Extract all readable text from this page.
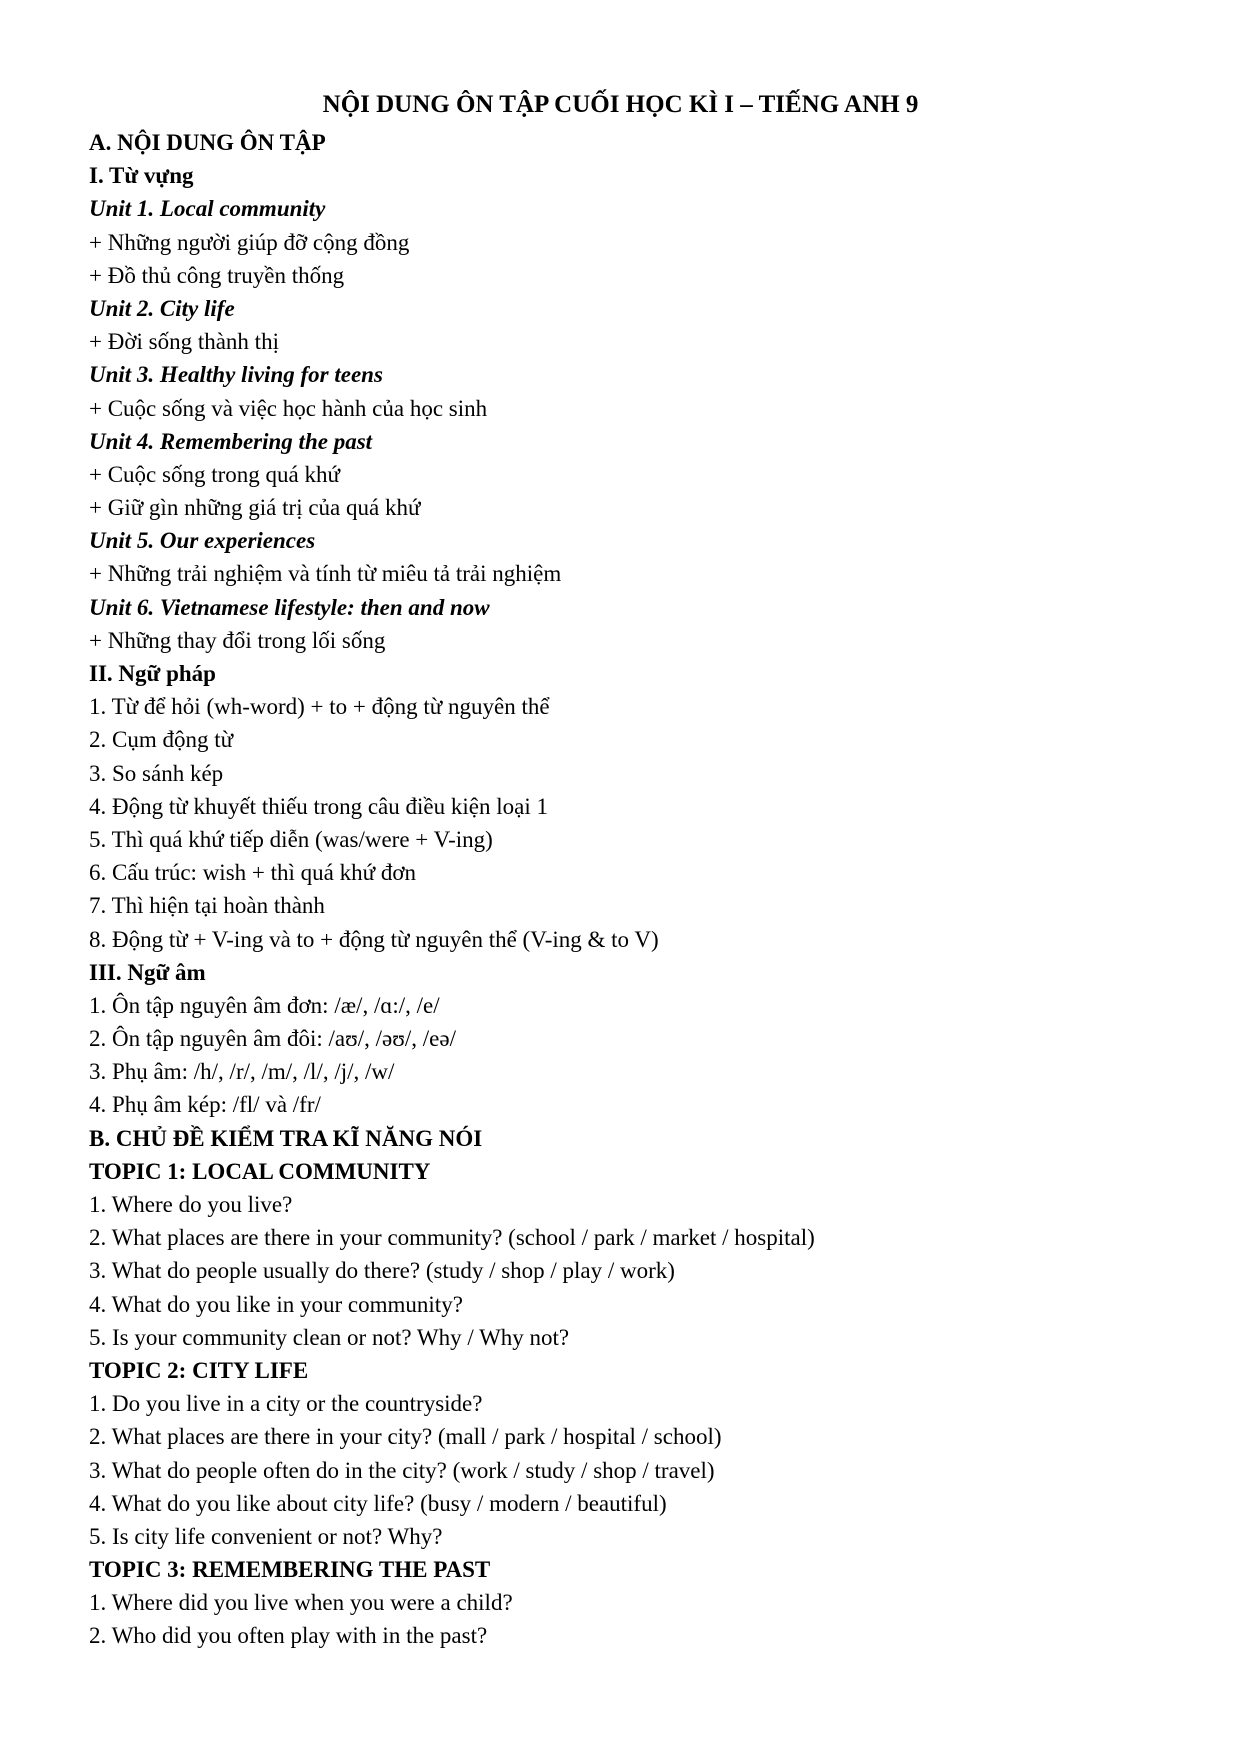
NỘI DUNG ÔN TẬP CUỐI HỌC KÌ I – TIẾNG ANH 9

A. NỘI DUNG ÔN TẬP

I. Từ vựng

Unit 1. Local community

+ Những người giúp đỡ cộng đồng

+ Đồ thủ công truyền thống

Unit 2. City life

+ Đời sống thành thị

Unit 3. Healthy living for teens

+ Cuộc sống và việc học hành của học sinh

Unit 4. Remembering the past

+ Cuộc sống trong quá khứ

+ Giữ gìn những giá trị của quá khứ

Unit 5. Our experiences

+ Những trải nghiệm và tính từ miêu tả trải nghiệm

Unit 6. Vietnamese lifestyle: then and now

+ Những thay đổi trong lối sống

II. Ngữ pháp

1. Từ để hỏi (wh-word) + to + động từ nguyên thể

2. Cụm động từ

3. So sánh kép

4. Động từ khuyết thiếu trong câu điều kiện loại 1

5. Thì quá khứ tiếp diễn (was/were + V-ing)

6. Cấu trúc: wish + thì quá khứ đơn

7. Thì hiện tại hoàn thành

8. Động từ + V-ing và to + động từ nguyên thể (V-ing & to V)

III. Ngữ âm

1. Ôn tập nguyên âm đơn: /æ/, /ɑ:/, /e/

2. Ôn tập nguyên âm đôi: /aʊ/, /əʊ/, /eə/

3. Phụ âm: /h/, /r/, /m/, /l/, /j/, /w/

4. Phụ âm kép: /fl/ và /fr/

B. CHỦ ĐỀ KIỂM TRA KĨ NĂNG NÓI

TOPIC 1: LOCAL COMMUNITY

1. Where do you live?

2. What places are there in your community? (school / park / market / hospital)

3. What do people usually do there? (study / shop / play / work)

4. What do you like in your community?

5. Is your community clean or not? Why / Why not?

TOPIC 2: CITY LIFE

1. Do you live in a city or the countryside?

2. What places are there in your city? (mall / park / hospital / school)

3. What do people often do in the city? (work / study / shop / travel)

4. What do you like about city life? (busy / modern / beautiful)

5. Is city life convenient or not? Why?

TOPIC 3: REMEMBERING THE PAST

1. Where did you live when you were a child?

2. Who did you often play with in the past?
